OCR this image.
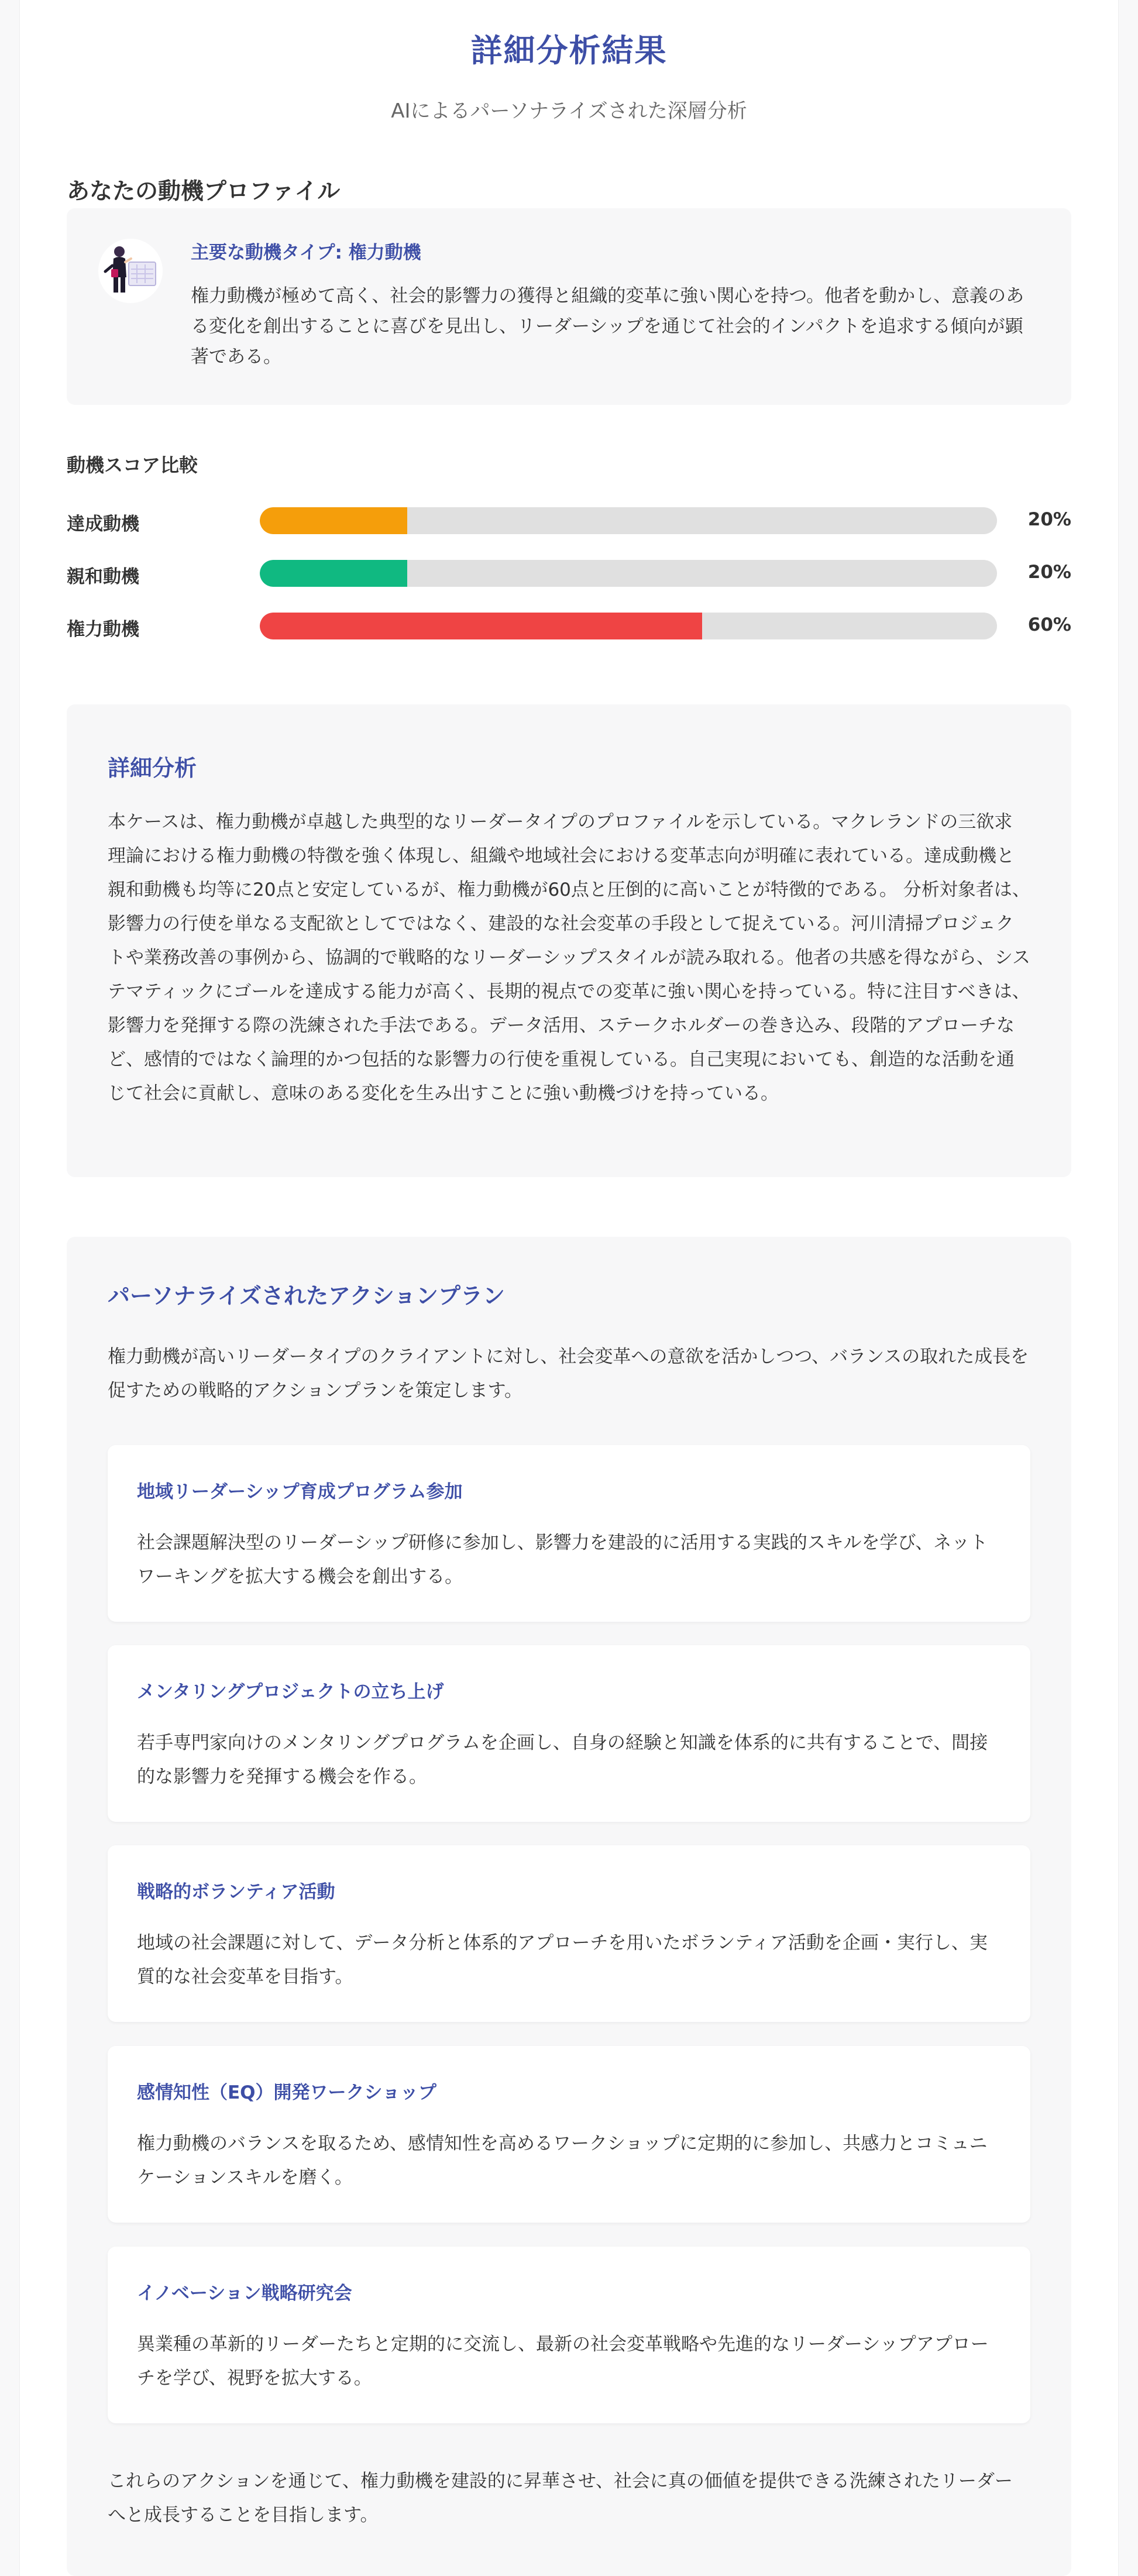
詳細分析結果

AIによるパーソナライズされた深層分析

あなたの動機プロファイル
主要な動機タイプ: 権力動機

権力動機が極めて高く、社会的影響力の獲得と組織的変革に強い関心を持つ。他者を動かし、意義のある変化を創出することに喜びを見出し、リーダーシップを通じて社会的インパクトを追求する傾向が顕著である。

動機スコア比較
達成動機	20%
親和動機	20%
権力動機	60%
詳細分析

本ケースは、権力動機が卓越した典型的なリーダータイプのプロファイルを示している。マクレランドの三欲求理論における権力動機の特徴を強く体現し、組織や地域社会における変革志向が明確に表れている。達成動機と親和動機も均等に20点と安定しているが、権力動機が60点と圧倒的に高いことが特徴的である。 分析対象者は、影響力の行使を単なる支配欲としてではなく、建設的な社会変革の手段として捉えている。河川清掃プロジェクトや業務改善の事例から、協調的で戦略的なリーダーシップスタイルが読み取れる。他者の共感を得ながら、システマティックにゴールを達成する能力が高く、長期的視点での変革に強い関心を持っている。特に注目すべきは、影響力を発揮する際の洗練された手法である。データ活用、ステークホルダーの巻き込み、段階的アプローチなど、感情的ではなく論理的かつ包括的な影響力の行使を重視している。自己実現においても、創造的な活動を通じて社会に貢献し、意味のある変化を生み出すことに強い動機づけを持っている。

パーソナライズされたアクションプラン

権力動機が高いリーダータイプのクライアントに対し、社会変革への意欲を活かしつつ、バランスの取れた成長を促すための戦略的アクションプランを策定します。

地域リーダーシップ育成プログラム参加

社会課題解決型のリーダーシップ研修に参加し、影響力を建設的に活用する実践的スキルを学び、ネットワーキングを拡大する機会を創出する。

メンタリングプロジェクトの立ち上げ

若手専門家向けのメンタリングプログラムを企画し、自身の経験と知識を体系的に共有することで、間接的な影響力を発揮する機会を作る。

戦略的ボランティア活動

地域の社会課題に対して、データ分析と体系的アプローチを用いたボランティア活動を企画・実行し、実質的な社会変革を目指す。

感情知性（EQ）開発ワークショップ

権力動機のバランスを取るため、感情知性を高めるワークショップに定期的に参加し、共感力とコミュニケーションスキルを磨く。

イノベーション戦略研究会

異業種の革新的リーダーたちと定期的に交流し、最新の社会変革戦略や先進的なリーダーシップアプローチを学び、視野を拡大する。

これらのアクションを通じて、権力動機を建設的に昇華させ、社会に真の価値を提供できる洗練されたリーダーへと成長することを目指します。
